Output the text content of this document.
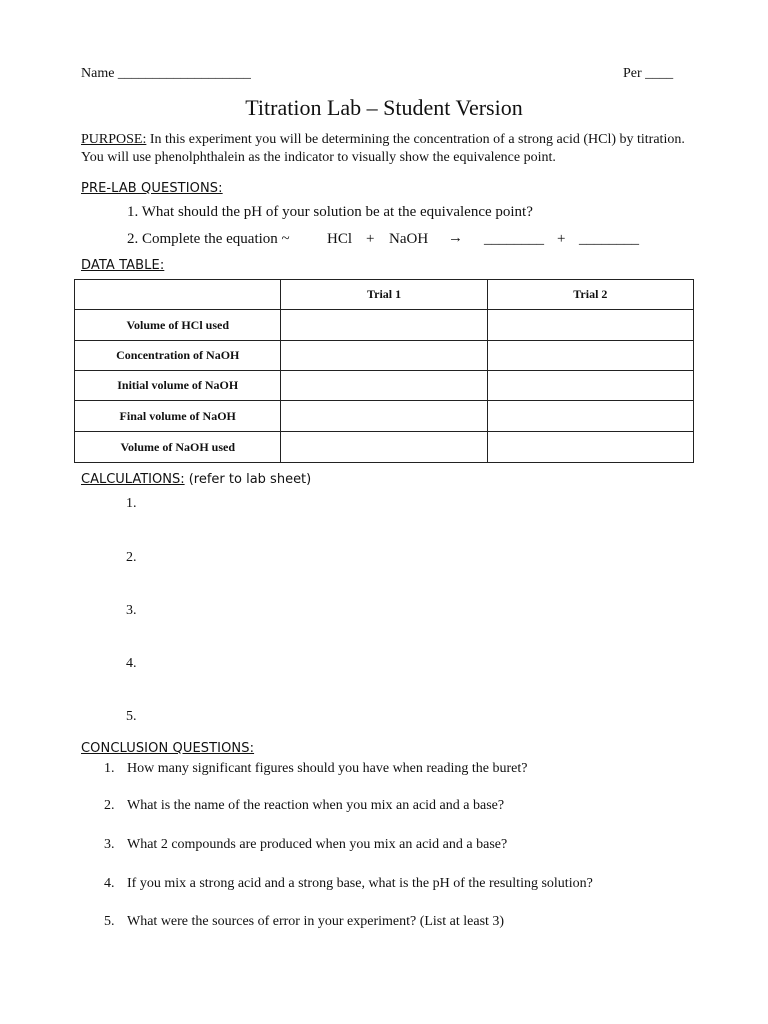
Name ___________________	Per ____
Titration Lab – Student Version
PURPOSE: In this experiment you will be determining the concentration of a strong acid (HCl) by titration. You will use phenolphthalein as the indicator to visually show the equivalence point.
PRE-LAB QUESTIONS:
1. What should the pH of your solution be at the equivalence point?
2. Complete the equation ~ HCl + NaOH → ________ + ________
DATA TABLE:
	Trial 1	Trial 2
Volume of HCl used		
Concentration of NaOH		
Initial volume of NaOH		
Final volume of NaOH		
Volume of NaOH used		
CALCULATIONS: (refer to lab sheet)
1.
2.
3.
4.
5.
CONCLUSION QUESTIONS:
1. How many significant figures should you have when reading the buret?
2. What is the name of the reaction when you mix an acid and a base?
3. What 2 compounds are produced when you mix an acid and a base?
4. If you mix a strong acid and a strong base, what is the pH of the resulting solution?
5. What were the sources of error in your experiment? (List at least 3)
